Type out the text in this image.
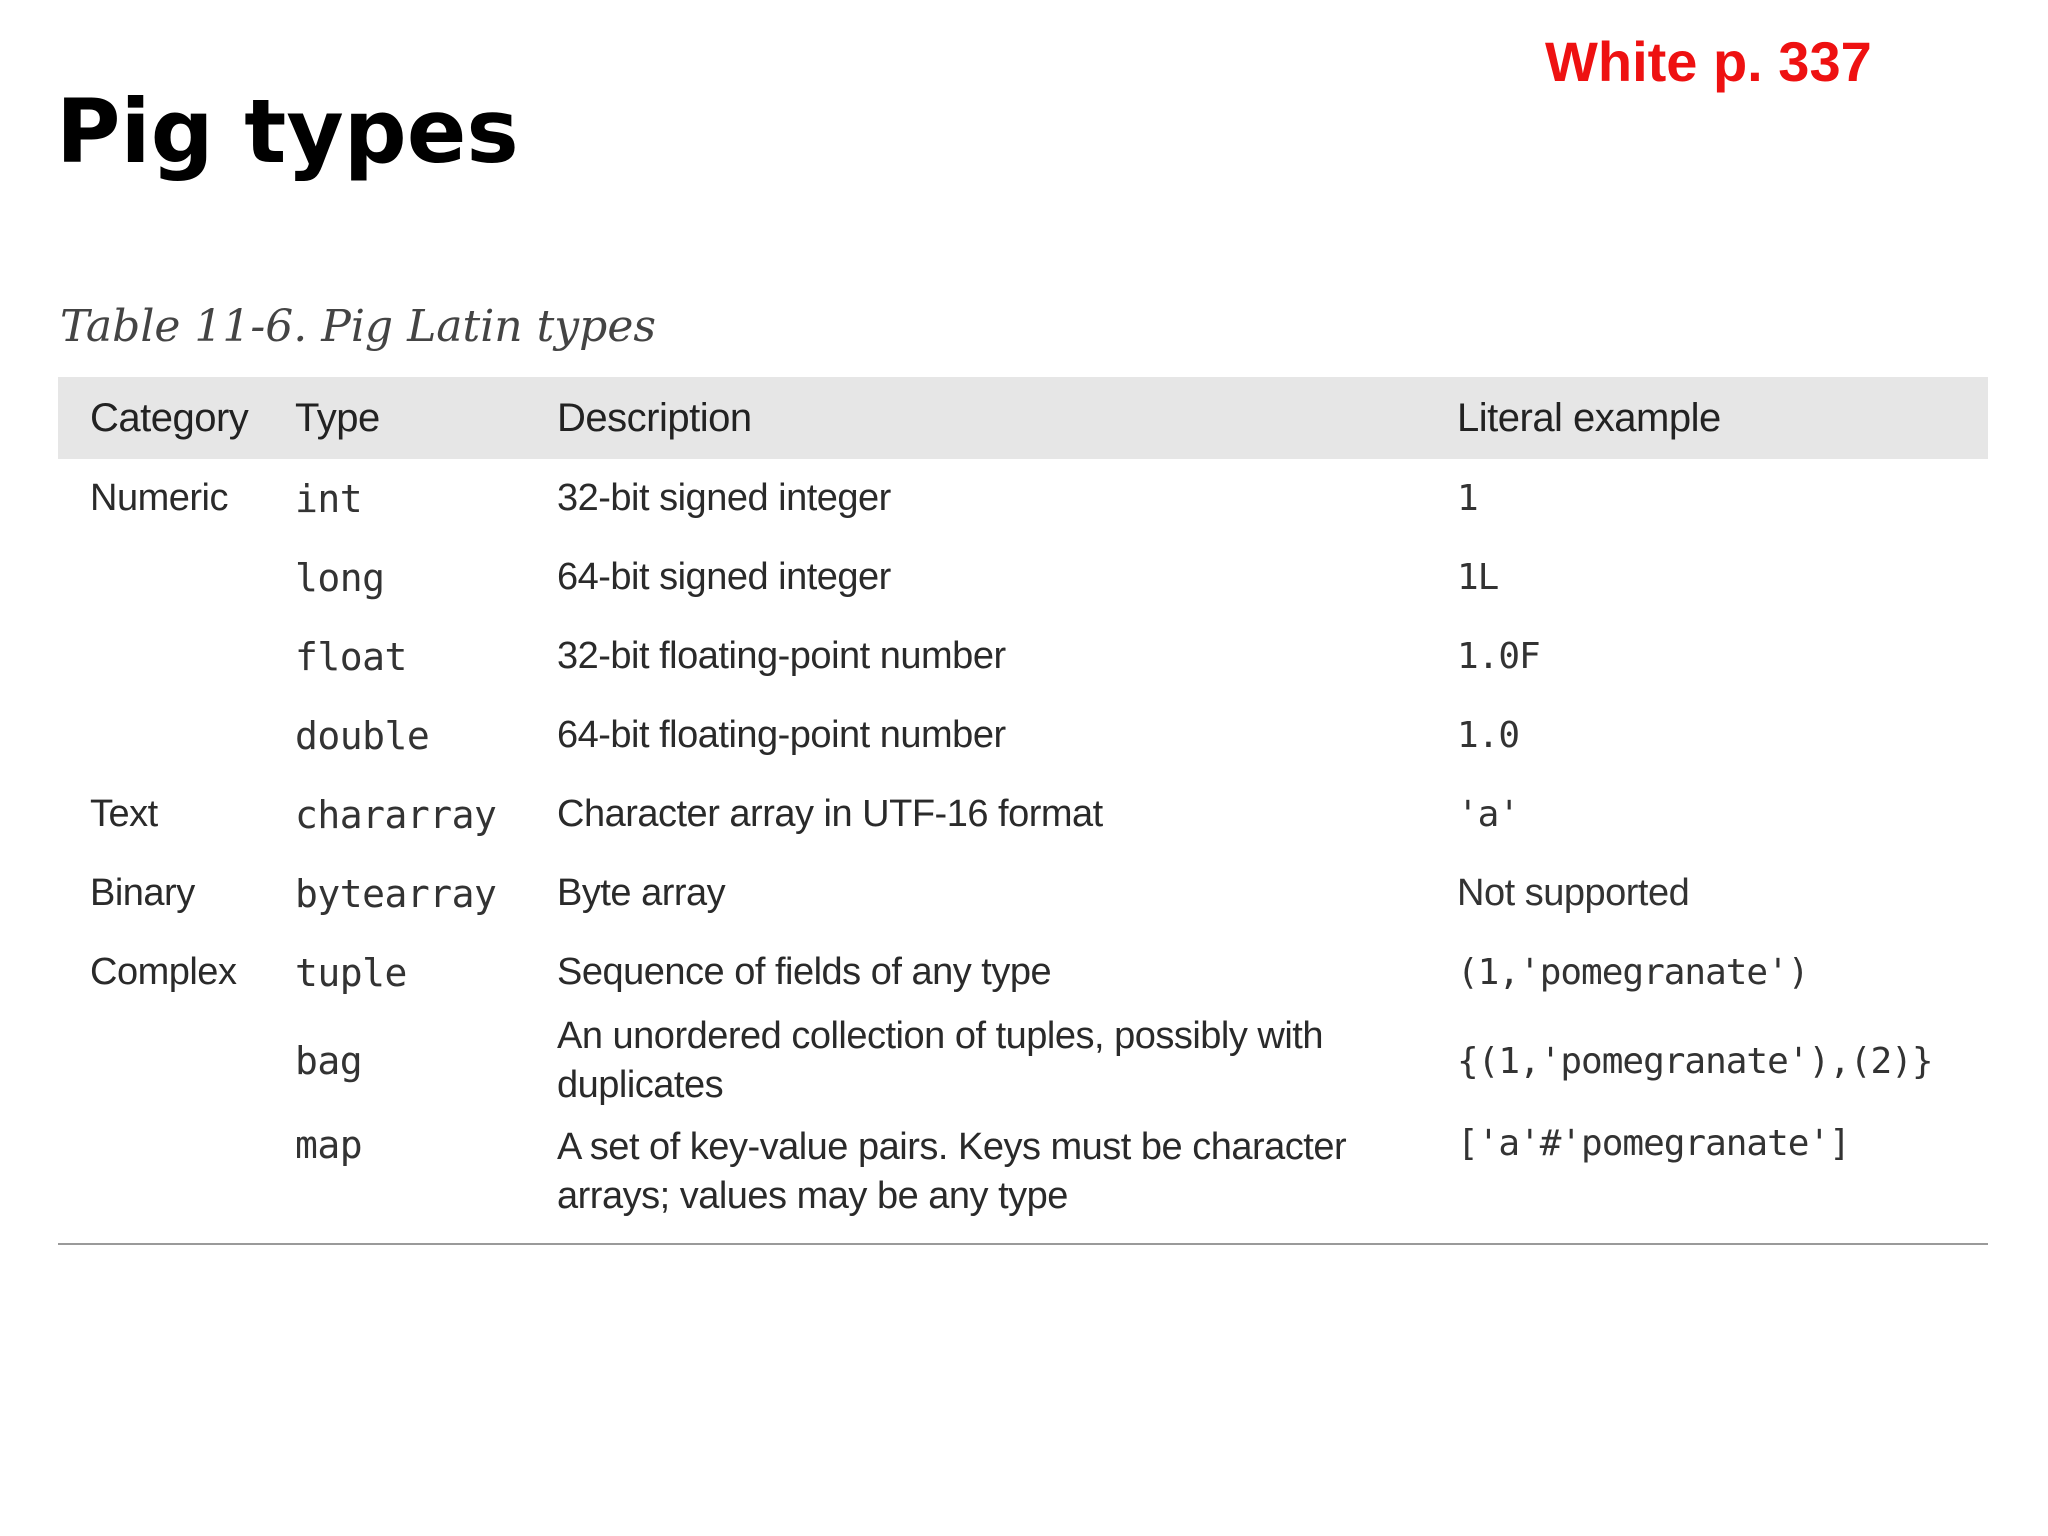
Pig types
White p. 337
Table 11-6. Pig Latin types
Category	Type	Description	Literal example
Numeric	int	32-bit signed integer	1
	long	64-bit signed integer	1L
	float	32-bit floating-point number	1.0F
	double	64-bit floating-point number	1.0
Text	chararray	Character array in UTF-16 format	'a'
Binary	bytearray	Byte array	Not supported
Complex	tuple	Sequence of fields of any type	(1,'pomegranate')
	bag	An unordered collection of tuples, possibly with duplicates	{(1,'pomegranate'),(2)}
	map	A set of key-value pairs. Keys must be character arrays; values may be any type	['a'#'pomegranate']
